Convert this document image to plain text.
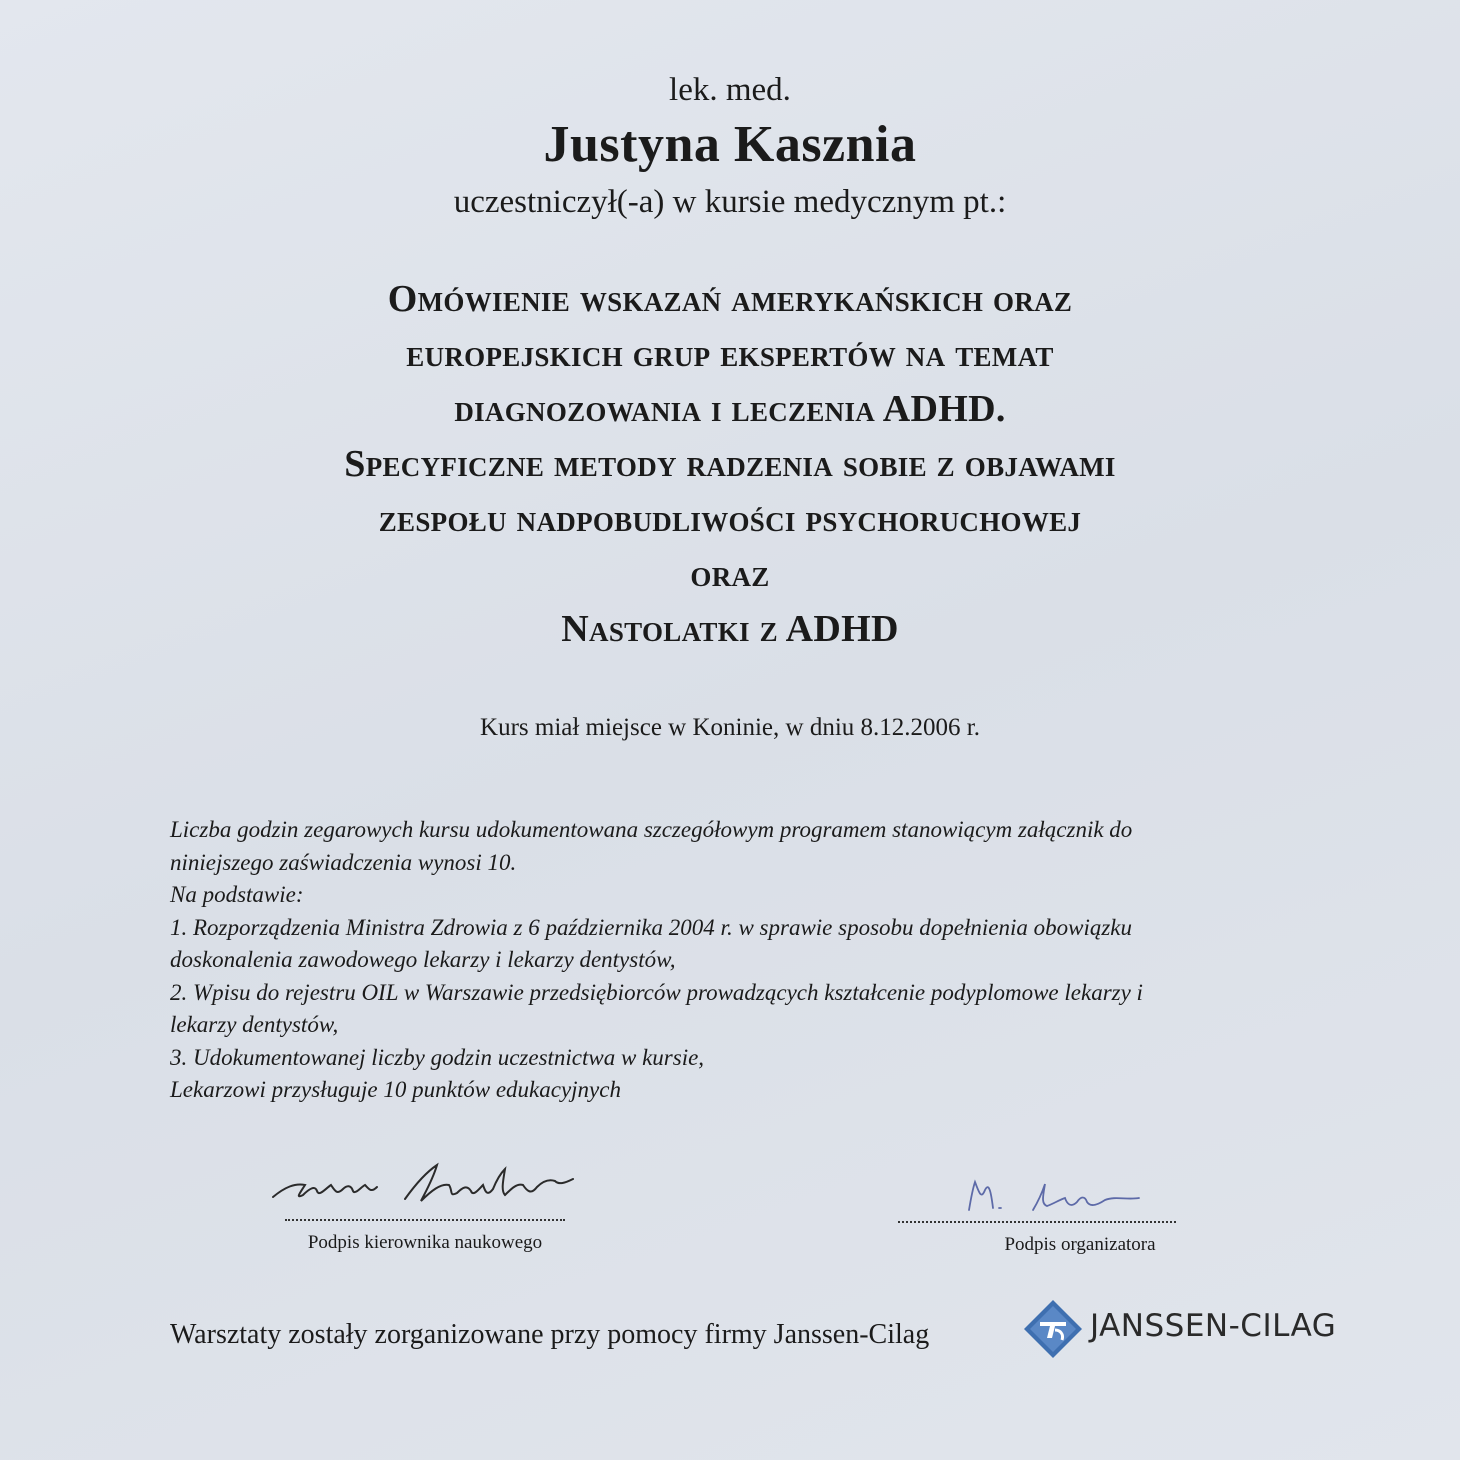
lek. med.
Justyna Kasznia
uczestniczył(-a) w kursie medycznym pt.:
Omówienie wskazań amerykańskich oraz
europejskich grup ekspertów na temat
diagnozowania i leczenia ADHD.
Specyficzne metody radzenia sobie z objawami
zespołu nadpobudliwości psychoruchowej
oraz
Nastolatki z ADHD
Kurs miał miejsce w Koninie, w dniu 8.12.2006 r.
Liczba godzin zegarowych kursu udokumentowana szczegółowym programem stanowiącym załącznik do
niniejszego zaświadczenia wynosi 10.
Na podstawie:
1. Rozporządzenia Ministra Zdrowia z 6 października 2004 r. w sprawie sposobu dopełnienia obowiązku
doskonalenia zawodowego lekarzy i lekarzy dentystów,
2. Wpisu do rejestru OIL w Warszawie przedsiębiorców prowadzących kształcenie podyplomowe lekarzy i
lekarzy dentystów,
3. Udokumentowanej liczby godzin uczestnictwa w kursie,
Lekarzowi przysługuje 10 punktów edukacyjnych
Podpis kierownika naukowego	Podpis organizatora
Warsztaty zostały zorganizowane przy pomocy firmy Janssen-Cilag	JANSSEN-CILAG
